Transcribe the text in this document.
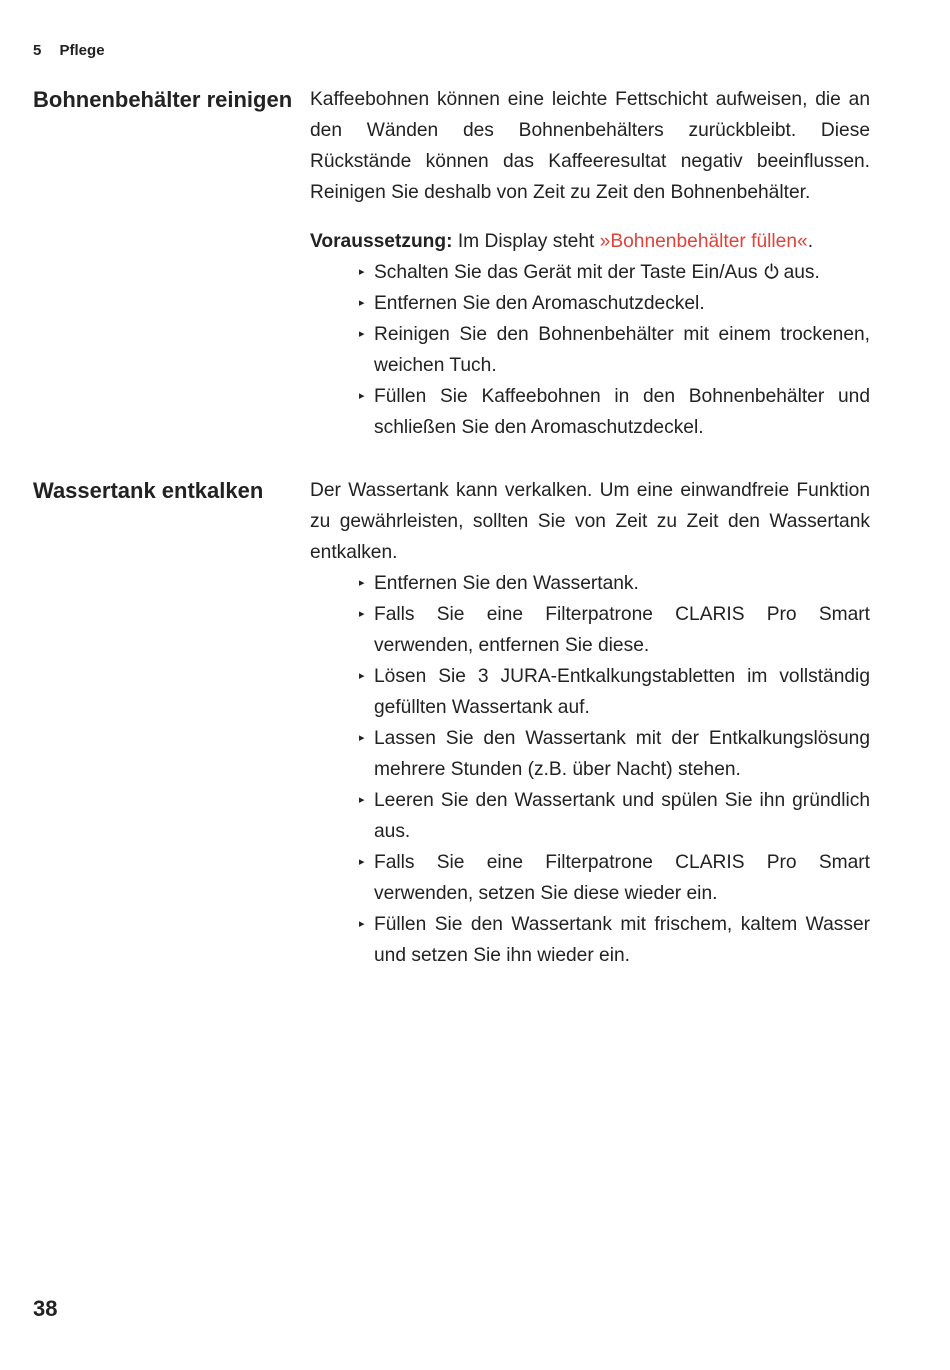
5 Pflege
Bohnenbehälter reinigen Kaffeebohnen können eine leichte Fettschicht aufweisen, die an den Wänden des Bohnenbehälters zurückbleibt. Diese Rückstände können das Kaffeeresultat negativ beeinflussen. Reinigen Sie deshalb von Zeit zu Zeit den Bohnenbehälter.

Voraussetzung: Im Display steht »Bohnenbehälter füllen«.

▸ Schalten Sie das Gerät mit der Taste Ein/Aus aus.
▸ Entfernen Sie den Aromaschutzdeckel.
▸ Reinigen Sie den Bohnenbehälter mit einem trockenen, weichen Tuch.
▸ Füllen Sie Kaffeebohnen in den Bohnenbehälter und schließen Sie den Aromaschutzdeckel.
Wassertank entkalken	Der Wassertank kann verkalken. Um eine einwandfreie Funktion zu gewährleisten, sollten Sie von Zeit zu Zeit den Wassertank entkalken.

▸ Entfernen Sie den Wassertank.
▸ Falls Sie eine Filterpatrone CLARIS Pro Smart verwenden, entfernen Sie diese.
▸ Lösen Sie 3 JURA-Entkalkungstabletten im vollständig gefüllten Wassertank auf.
▸ Lassen Sie den Wassertank mit der Entkalkungslösung mehrere Stunden (z.B. über Nacht) stehen.
▸ Leeren Sie den Wassertank und spülen Sie ihn gründlich aus.
▸ Falls Sie eine Filterpatrone CLARIS Pro Smart verwenden, setzen Sie diese wieder ein.
▸ Füllen Sie den Wassertank mit frischem, kaltem Wasser und setzen Sie ihn wieder ein.
38
